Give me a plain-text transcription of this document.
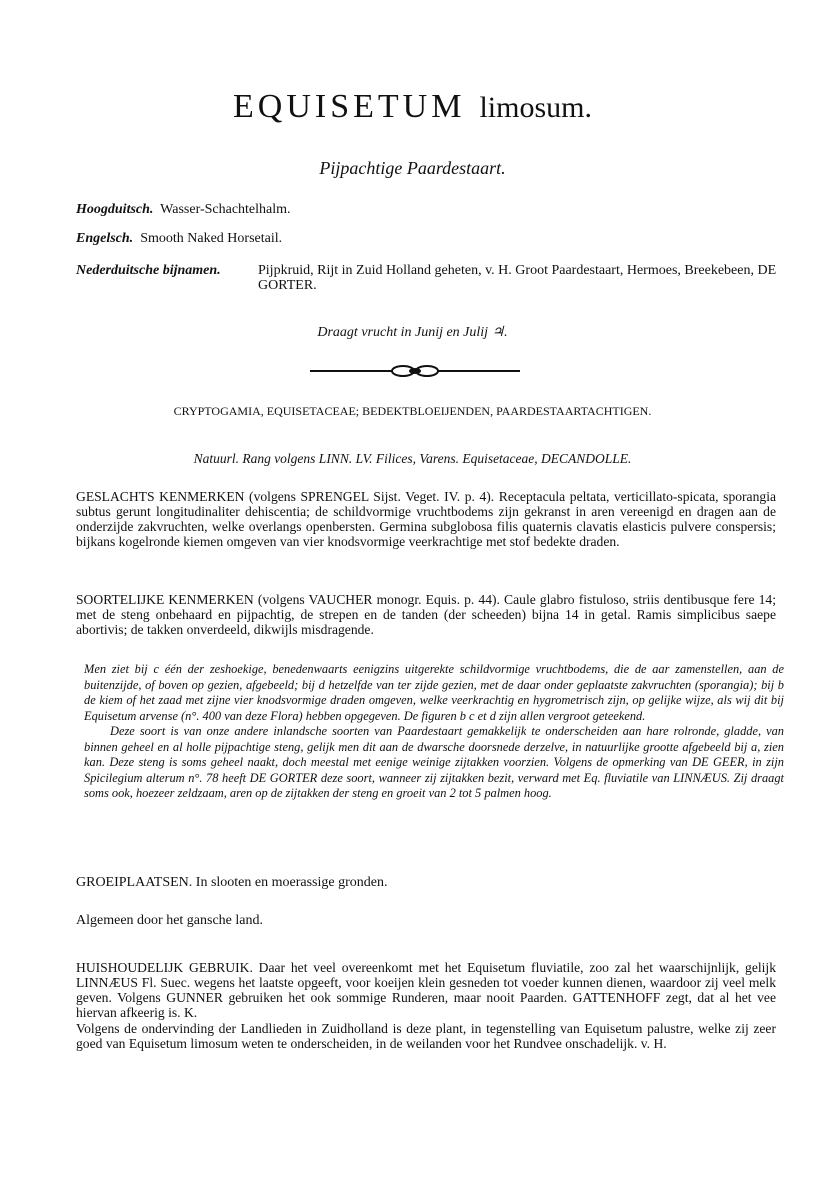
EQUISETUM limosum.
Pijpachtige Paardestaart.
Hoogduitsch. Wasser-Schachtelhalm.
Engelsch. Smooth Naked Horsetail.
Nederduitsche bijnamen.	Pijpkruid, Rijt in Zuid Holland geheten, v. H. Groot Paardestaart, Hermoes, Breekebeen, DE GORTER.
Draagt vrucht in Junij en Julij ♃.
CRYPTOGAMIA, EQUISETACEAE; BEDEKTBLOEIJENDEN, PAARDESTAARTACHTIGEN.
Natuurl. Rang volgens LINN. LV. Filices, Varens. Equisetaceae, DECANDOLLE.
GESLACHTS KENMERKEN (volgens SPRENGEL Sijst. Veget. IV. p. 4). Receptacula peltata, verticillato-spicata, sporangia subtus gerunt longitudinaliter dehiscentia; de schildvormige vruchtbodems zijn gekranst in aren vereenigd en dragen aan de onderzijde zakvruchten, welke overlangs openbersten. Germina subglobosa filis quaternis clavatis elasticis pulvere conspersis; bijkans kogelronde kiemen omgeven van vier knodsvormige veerkrachtige met stof bedekte draden.
SOORTELIJKE KENMERKEN (volgens VAUCHER monogr. Equis. p. 44). Caule glabro fistuloso, striis dentibusque fere 14; met de steng onbehaard en pijpachtig, de strepen en de tanden (der scheeden) bijna 14 in getal. Ramis simplicibus saepe abortivis; de takken onverdeeld, dikwijls misdragende.

Men ziet bij c één der zeshoekige, benedenwaarts eenigzins uitgerekte schildvormige vruchtbodems, die de aar zamenstellen, aan de buitenzijde, of boven op gezien, afgebeeld; bij d hetzelfde van ter zijde gezien, met de daar onder geplaatste zakvruchten (sporangia); bij b de kiem of het zaad met zijne vier knodsvormige draden omgeven, welke veerkrachtig en hygrometrisch zijn, op gelijke wijze, als wij dit bij Equisetum arvense (n°. 400 van deze Flora) hebben opgegeven. De figuren b c et d zijn allen vergroot geteekend.

Deze soort is van onze andere inlandsche soorten van Paardestaart gemakkelijk te onderscheiden aan hare rolronde, gladde, van binnen geheel en al holle pijpachtige steng, gelijk men dit aan de dwarsche doorsnede derzelve, in natuurlijke grootte afgebeeld bij a, zien kan. Deze steng is soms geheel naakt, doch meestal met eenige weinige zijtakken voorzien. Volgens de opmerking van DE GEER, in zijn Spicilegium alterum n°. 78 heeft DE GORTER deze soort, wanneer zij zijtakken bezit, verward met Eq. fluviatile van LINNÆUS. Zij draagt soms ook, hoezeer zeldzaam, aren op de zijtakken der steng en groeit van 2 tot 5 palmen hoog.

GROEIPLAATSEN. In slooten en moerassige gronden.
Algemeen door het gansche land.
HUISHOUDELIJK GEBRUIK. Daar het veel overeenkomt met het Equisetum fluviatile, zoo zal het waarschijnlijk, gelijk LINNÆUS Fl. Suec. wegens het laatste opgeeft, voor koeijen klein gesneden tot voeder kunnen dienen, waardoor zij veel melk geven. Volgens GUNNER gebruiken het ook sommige Runderen, maar nooit Paarden. GATTENHOFF zegt, dat al het vee hiervan afkeerig is. K.
Volgens de ondervinding der Landlieden in Zuidholland is deze plant, in tegenstelling van Equisetum palustre, welke zij zeer goed van Equisetum limosum weten te onderscheiden, in de weilanden voor het Rundvee onschadelijk. v. H.
